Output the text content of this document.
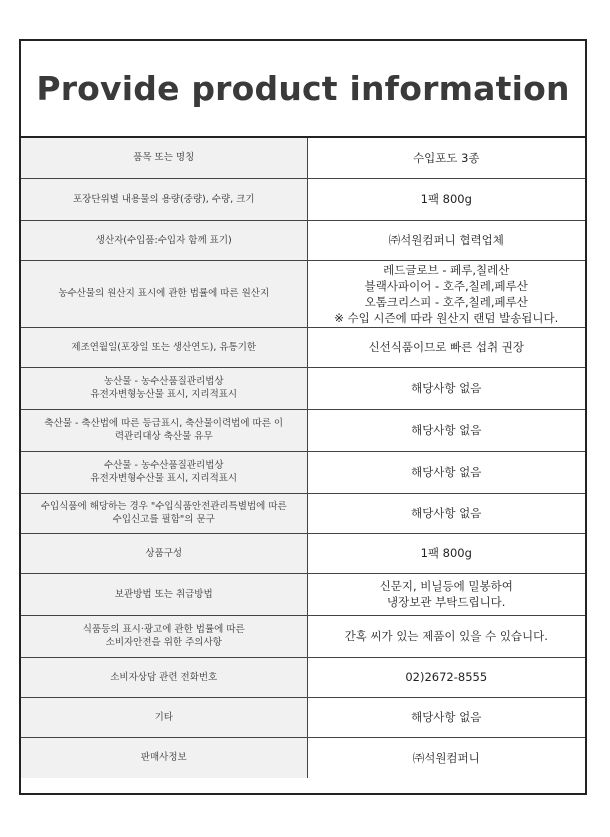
Provide product information
품목 또는 명칭	수입포도 3종

포장단위별 내용물의 용량(중량), 수량, 크기	1팩 800g

생산자(수입품:수입자 함께 표기)	㈜석원컴퍼니 협력업체

농수산물의 원산지 표시에 관한 법률에 따른 원산지	레드글로브 - 페루,칠레산
블랙사파이어 - 호주,칠레,페루산
오톰크리스피 - 호주,칠레,페루산
※ 수입 시즌에 따라 원산지 랜덤 발송됩니다.

제조연월일(포장일 또는 생산연도), 유통기한	신선식품이므로 빠른 섭취 권장

농산물 - 농수산품질관리법상
유전자변형농산물 표시, 지리적표시	해당사항 없음

축산물 - 축산법에 따른 등급표시, 축산물이력법에 따른 이
력관리대상 축산물 유무	해당사항 없음

수산물 - 농수산품질관리법상
유전자변형수산물 표시, 지리적표시	해당사항 없음

수입식품에 해당하는 경우 "수입식품안전관리특별법에 따른
수입신고를 필함"의 문구	해당사항 없음

상품구성	1팩 800g

보관방법 또는 취급방법	신문지, 비닐등에 밀봉하여
냉장보관 부탁드립니다.

식품등의 표시·광고에 관한 법률에 따른
소비자안전을 위한 주의사항	간혹 씨가 있는 제품이 있을 수 있습니다.

소비자상담 관련 전화번호	02)2672-8555

기타	해당사항 없음

판매사정보	㈜석원컴퍼니
